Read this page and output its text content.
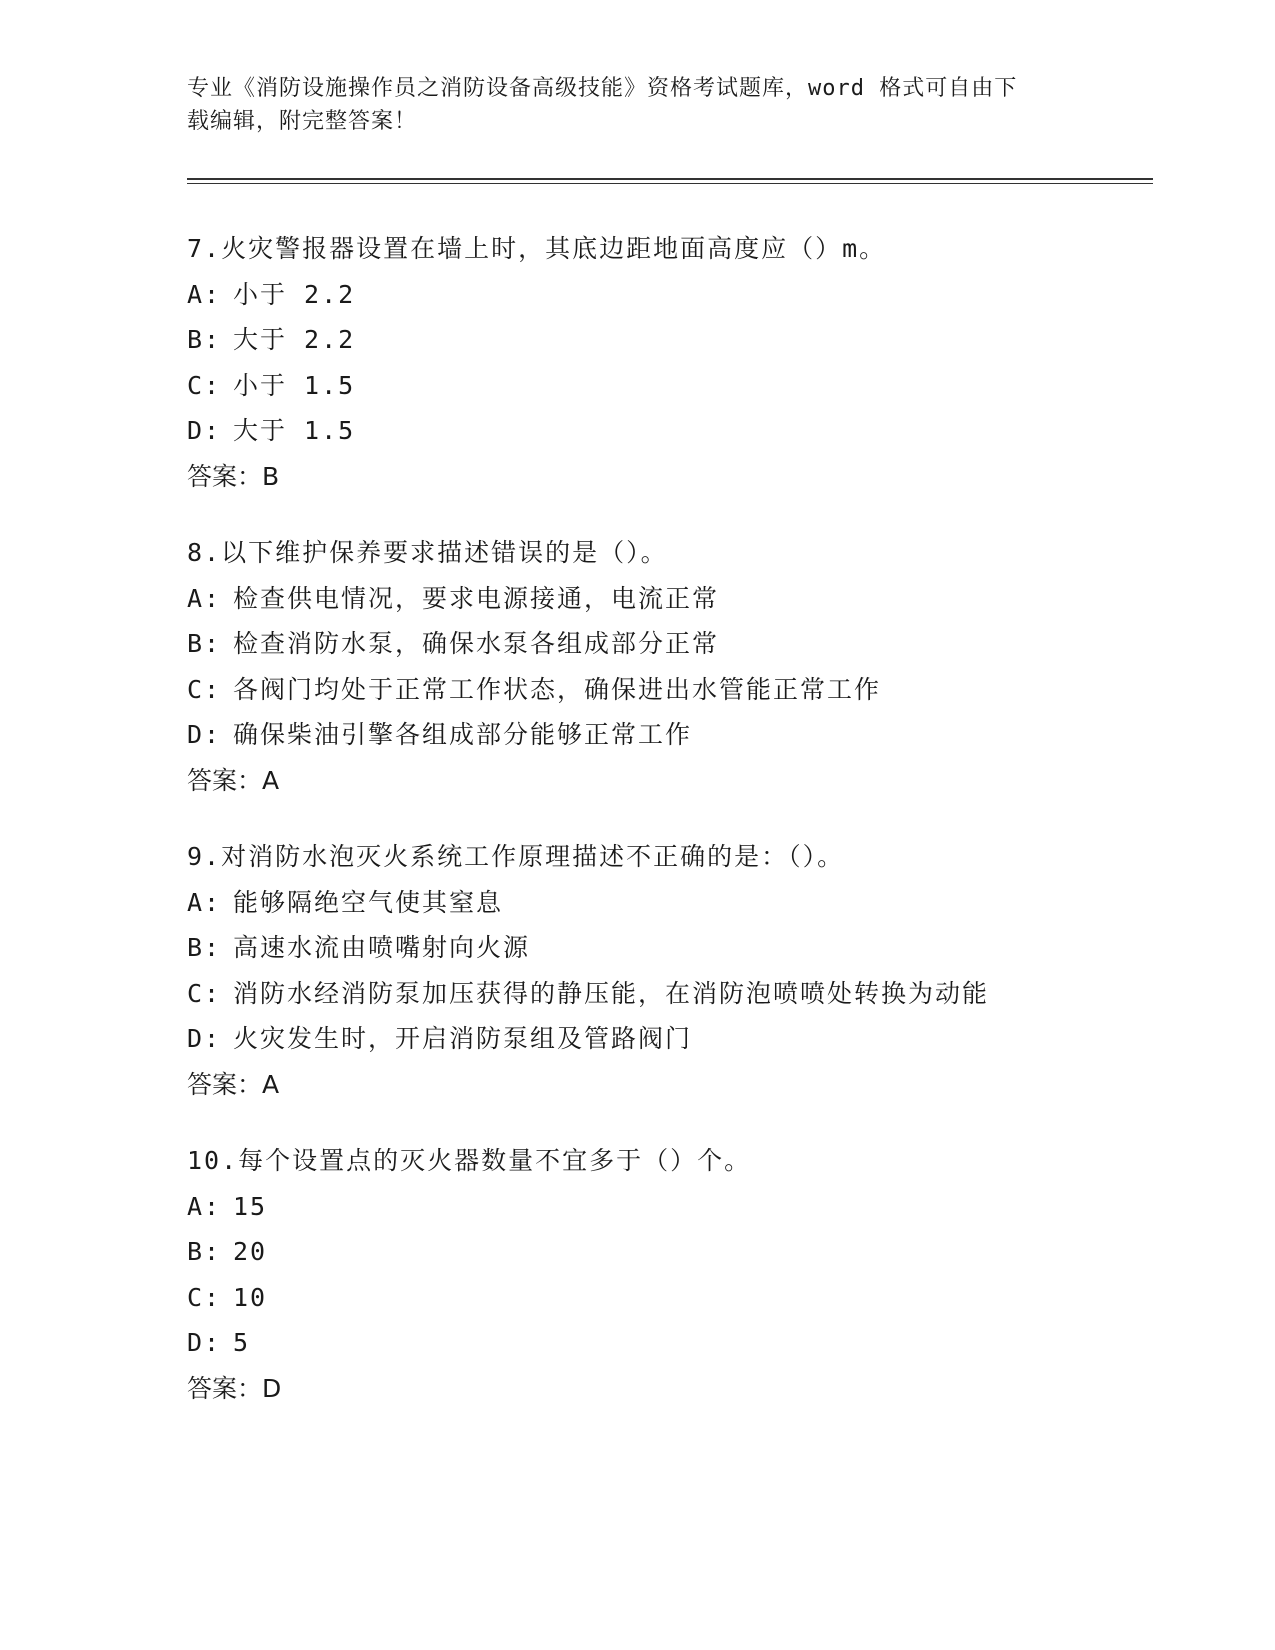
专业《消防设施操作员之消防设备高级技能》资格考试题库，word 格式可自由下
载编辑，附完整答案！
7.火灾警报器设置在墙上时，其底边距地面高度应（）m。
A: 小于 2.2
B: 大于 2.2
C: 小于 1.5
D: 大于 1.5
答案：B
8.以下维护保养要求描述错误的是（）。
A: 检查供电情况，要求电源接通，电流正常
B: 检查消防水泵，确保水泵各组成部分正常
C: 各阀门均处于正常工作状态，确保进出水管能正常工作
D: 确保柴油引擎各组成部分能够正常工作
答案：A
9.对消防水泡灭火系统工作原理描述不正确的是：（）。
A: 能够隔绝空气使其窒息
B: 高速水流由喷嘴射向火源
C: 消防水经消防泵加压获得的静压能，在消防泡喷喷处转换为动能
D: 火灾发生时，开启消防泵组及管路阀门
答案：A
10.每个设置点的灭火器数量不宜多于（）个。
A: 15
B: 20
C: 10
D: 5
答案：D
